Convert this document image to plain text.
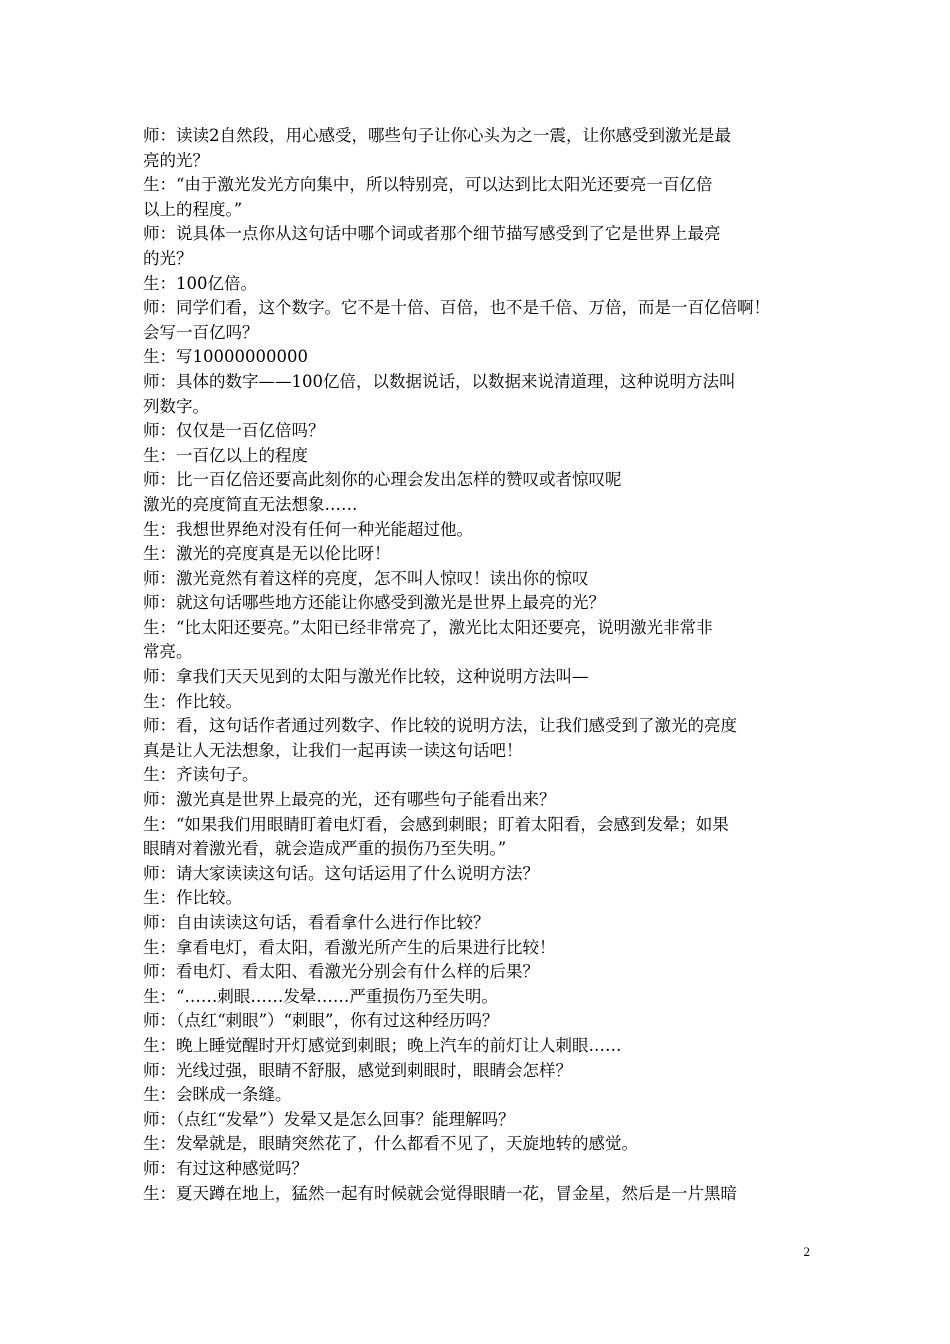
师：读读2自然段，用心感受，哪些句子让你心头为之一震，让你感受到激光是最
亮的光？
生：“由于激光发光方向集中，所以特别亮，可以达到比太阳光还要亮一百亿倍
以上的程度。”
师：说具体一点你从这句话中哪个词或者那个细节描写感受到了它是世界上最亮
的光？
生：100亿倍。
师：同学们看，这个数字。它不是十倍、百倍，也不是千倍、万倍，而是一百亿倍啊！
会写一百亿吗？
生：写10000000000
师：具体的数字——100亿倍，以数据说话，以数据来说清道理，这种说明方法叫
列数字。
师：仅仅是一百亿倍吗？
生：一百亿以上的程度
师：比一百亿倍还要高此刻你的心理会发出怎样的赞叹或者惊叹呢
激光的亮度简直无法想象……
生：我想世界绝对没有任何一种光能超过他。
生：激光的亮度真是无以伦比呀！
师：激光竟然有着这样的亮度，怎不叫人惊叹！读出你的惊叹
师：就这句话哪些地方还能让你感受到激光是世界上最亮的光？
生：“比太阳还要亮。”太阳已经非常亮了，激光比太阳还要亮，说明激光非常非
常亮。
师：拿我们天天见到的太阳与激光作比较，这种说明方法叫—
生：作比较。
师：看，这句话作者通过列数字、作比较的说明方法，让我们感受到了激光的亮度
真是让人无法想象，让我们一起再读一读这句话吧！
生：齐读句子。
师：激光真是世界上最亮的光，还有哪些句子能看出来？
生：“如果我们用眼睛盯着电灯看，会感到刺眼；盯着太阳看，会感到发晕；如果
眼睛对着激光看，就会造成严重的损伤乃至失明。”
师：请大家读读这句话。这句话运用了什么说明方法？
生：作比较。
师：自由读读这句话，看看拿什么进行作比较？
生：拿看电灯，看太阳，看激光所产生的后果进行比较！
师：看电灯、看太阳、看激光分别会有什么样的后果？
生：“……刺眼……发晕……严重损伤乃至失明。
师：（点红“刺眼”）“刺眼”，你有过这种经历吗？
生：晚上睡觉醒时开灯感觉到刺眼；晚上汽车的前灯让人刺眼……
师：光线过强，眼睛不舒服，感觉到刺眼时，眼睛会怎样？
生：会眯成一条缝。
师：（点红“发晕”）发晕又是怎么回事？能理解吗？
生：发晕就是，眼睛突然花了，什么都看不见了，天旋地转的感觉。
师：有过这种感觉吗？
生：夏天蹲在地上，猛然一起有时候就会觉得眼睛一花，冒金星，然后是一片黑暗
2
